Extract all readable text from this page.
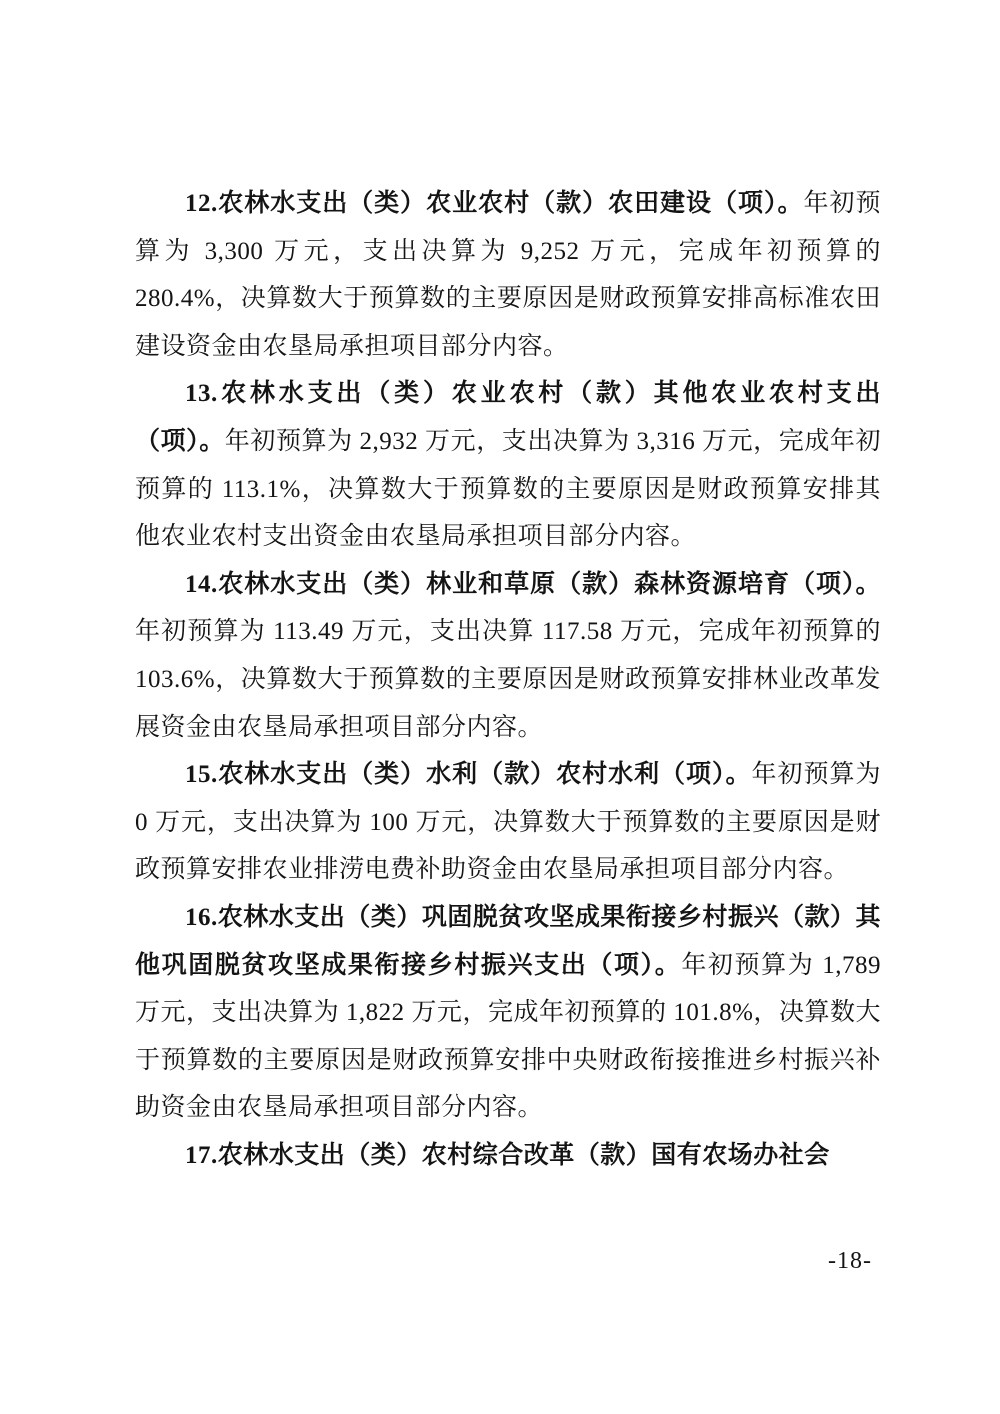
12.农林水支出（类）农业农村（款）农田建设（项）。年初预算为 3,300 万元，支出决算为 9,252 万元，完成年初预算的 280.4%，决算数大于预算数的主要原因是财政预算安排高标准农田建设资金由农垦局承担项目部分内容。

13.农林水支出（类）农业农村（款）其他农业农村支出（项）。年初预算为 2,932 万元，支出决算为 3,316 万元，完成年初预算的 113.1%，决算数大于预算数的主要原因是财政预算安排其他农业农村支出资金由农垦局承担项目部分内容。

14.农林水支出（类）林业和草原（款）森林资源培育（项）。年初预算为 113.49 万元，支出决算 117.58 万元，完成年初预算的 103.6%，决算数大于预算数的主要原因是财政预算安排林业改革发展资金由农垦局承担项目部分内容。

15.农林水支出（类）水利（款）农村水利（项）。年初预算为 0 万元，支出决算为 100 万元，决算数大于预算数的主要原因是财政预算安排农业排涝电费补助资金由农垦局承担项目部分内容。

16.农林水支出（类）巩固脱贫攻坚成果衔接乡村振兴（款）其他巩固脱贫攻坚成果衔接乡村振兴支出（项）。年初预算为 1,789 万元，支出决算为 1,822 万元，完成年初预算的 101.8%，决算数大于预算数的主要原因是财政预算安排中央财政衔接推进乡村振兴补助资金由农垦局承担项目部分内容。

17.农林水支出（类）农村综合改革（款）国有农场办社会

-18-
